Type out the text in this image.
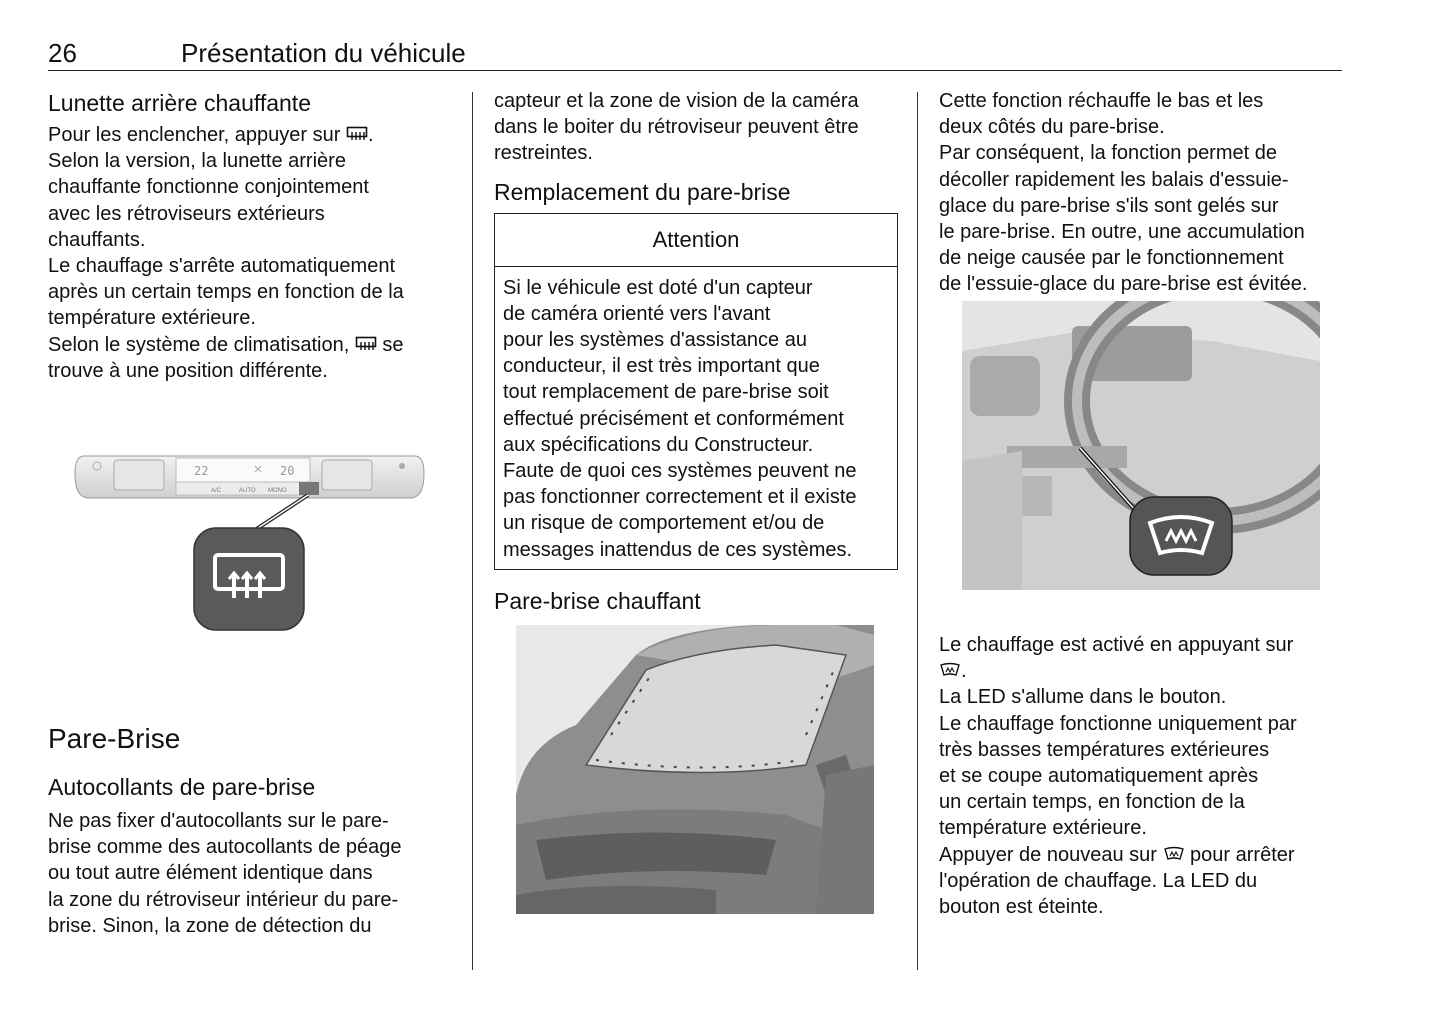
26	Présentation du véhicule
Lunette arrière chauffante

Pour les enclencher, appuyer sur .

Selon la version, la lunette arrière
chauffante fonctionne conjointement
avec les rétroviseurs extérieurs
chauffants.

Le chauffage s'arrête automatiquement
après un certain temps en fonction de la
température extérieure.

Selon le système de climatisation,  se
trouve à une position différente.

22	20
A/C	AUTO MONO
Pare-Brise
Autocollants de pare-brise

Ne pas fixer d'autocollants sur le pare-
brise comme des autocollants de péage
ou tout autre élément identique dans
la zone du rétroviseur intérieur du pare-
brise. Sinon, la zone de détection du

capteur et la zone de vision de la caméra
dans le boiter du rétroviseur peuvent être
restreintes.

Remplacement du pare-brise
Attention

Si le véhicule est doté d'un capteur
de caméra orienté vers l'avant
pour les systèmes d'assistance au
conducteur, il est très important que
tout remplacement de pare-brise soit
effectué précisément et conformément
aux spécifications du Constructeur.
Faute de quoi ces systèmes peuvent ne
pas fonctionner correctement et il existe
un risque de comportement et/ou de
messages inattendus de ces systèmes.

Pare-brise chauffant

Cette fonction réchauffe le bas et les
deux côtés du pare-brise.

Par conséquent, la fonction permet de
décoller rapidement les balais d'essuie-
glace du pare-brise s'ils sont gelés sur
le pare-brise. En outre, une accumulation
de neige causée par le fonctionnement
de l'essuie-glace du pare-brise est évitée.

Le chauffage est activé en appuyant sur
.

La LED s'allume dans le bouton.

Le chauffage fonctionne uniquement par
très basses températures extérieures
et se coupe automatiquement après
un certain temps, en fonction de la
température extérieure.

Appuyer de nouveau sur  pour arrêter
l'opération de chauffage. La LED du
bouton est éteinte.
